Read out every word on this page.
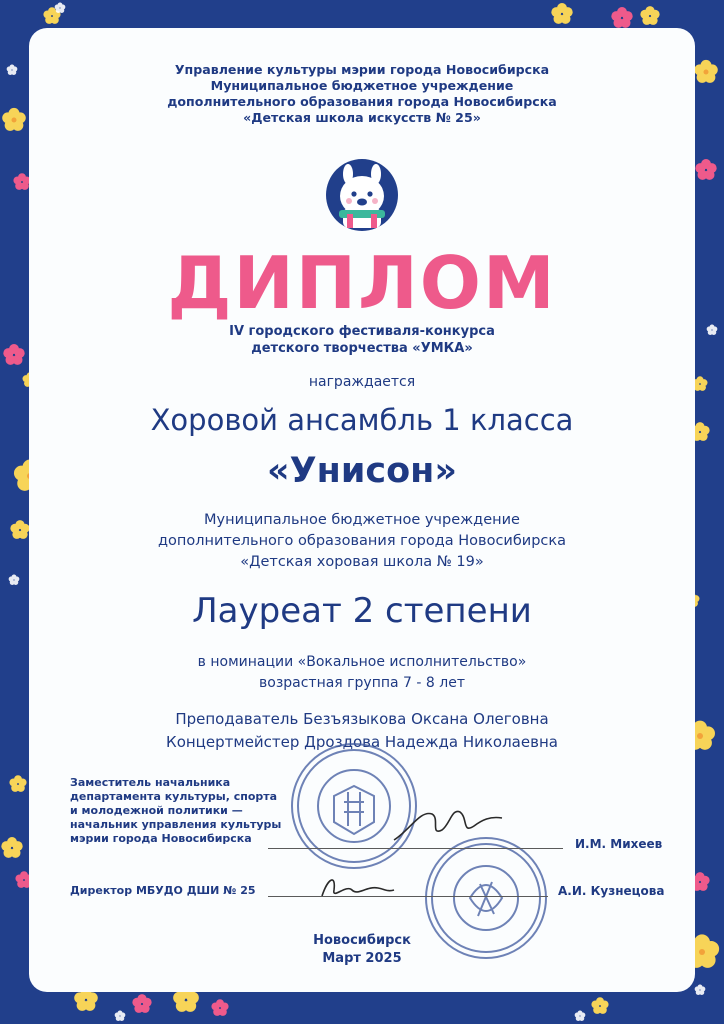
Управление культуры мэрии города Новосибирска
Муниципальное бюджетное учреждение
дополнительного образования города Новосибирска
«Детская школа искусств № 25»
ДИПЛОМ
IV городского фестиваля-конкурса
детского творчества «УМКА»
награждается
Хоровой ансамбль 1 класса
«Унисон»
Муниципальное бюджетное учреждение
дополнительного образования города Новосибирска
«Детская хоровая школа № 19»
Лауреат 2 степени
в номинации «Вокальное исполнительство»
возрастная группа 7 - 8 лет
Преподаватель Безъязыкова Оксана Олеговна
Концертмейстер Дроздова Надежда Николаевна
Заместитель начальника
департамента культуры, спорта
и молодежной политики —
начальник управления культуры
мэрии города Новосибирска	И.М. Михеев
Директор МБУДО ДШИ № 25	А.И. Кузнецова
Новосибирск
Март 2025
